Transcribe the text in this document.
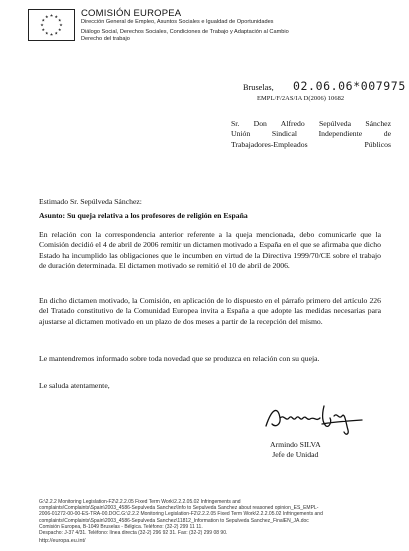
COMISIÓN EUROPEA
Dirección General de Empleo, Asuntos Sociales e Igualdad de Oportunidades
Diálogo Social, Derechos Sociales, Condiciones de Trabajo y Adaptación al Cambio
Derecho del trabajo
Bruselas, 02.06.06*007975
EMPL/F/2AS/IA D(2006) 10682
Sr. Don Alfredo Sepúlveda Sánchez
Unión Sindical Independiente de
Trabajadores-Empleados Públicos
Estimado Sr. Sepúlveda Sánchez:
Asunto: Su queja relativa a los profesores de religión en España
En relación con la correspondencia anterior referente a la queja mencionada, debo comunicarle que la Comisión decidió el 4 de abril de 2006 remitir un dictamen motivado a España en el que se afirmaba que dicho Estado ha incumplido las obligaciones que le incumben en virtud de la Directiva 1999/70/CE sobre el trabajo de duración determinada. El dictamen motivado se remitió el 10 de abril de 2006.
En dicho dictamen motivado, la Comisión, en aplicación de lo dispuesto en el párrafo primero del artículo 226 del Tratado constitutivo de la Comunidad Europea invita a España a que adopte las medidas necesarias para ajustarse al dictamen motivado en un plazo de dos meses a partir de la recepción del mismo.
Le mantendremos informado sobre toda novedad que se produzca en relación con su queja.
Le saluda atentamente,
Armindo SILVA
Jefe de Unidad
G:\2.2.2 Monitoring Legislation-F2\2.2.2.05 Fixed Term Work\2.2.2.05.02 Infringements and
complaints\Complaints\Spain\2003_4586-Sepulveda Sanchez\Info to Sepulveda Sanchez about reasoned opinion_ES_EMPL-
2006-01272-00-00-ES-TRA-00.DOC.G:\2.2.2 Monitoring Legislation-F2\2.2.2.05 Fixed Term Work\2.2.2.05.02 Infringements and
complaints\Complaints\Spain\2003_4586-Sepulveda Sanchez\11812_Information to Sepulveda Sanchez_FinalEN_JA.doc
Comisión Europea, B-1049 Bruselas - Bélgica. Teléfono: (32-2) 299 11 11.
Despacho: J-37 4/31. Teléfono: línea directa (32-2) 296 92 31. Fax: (32-2) 299 08 90.
http://europa.eu.int/
